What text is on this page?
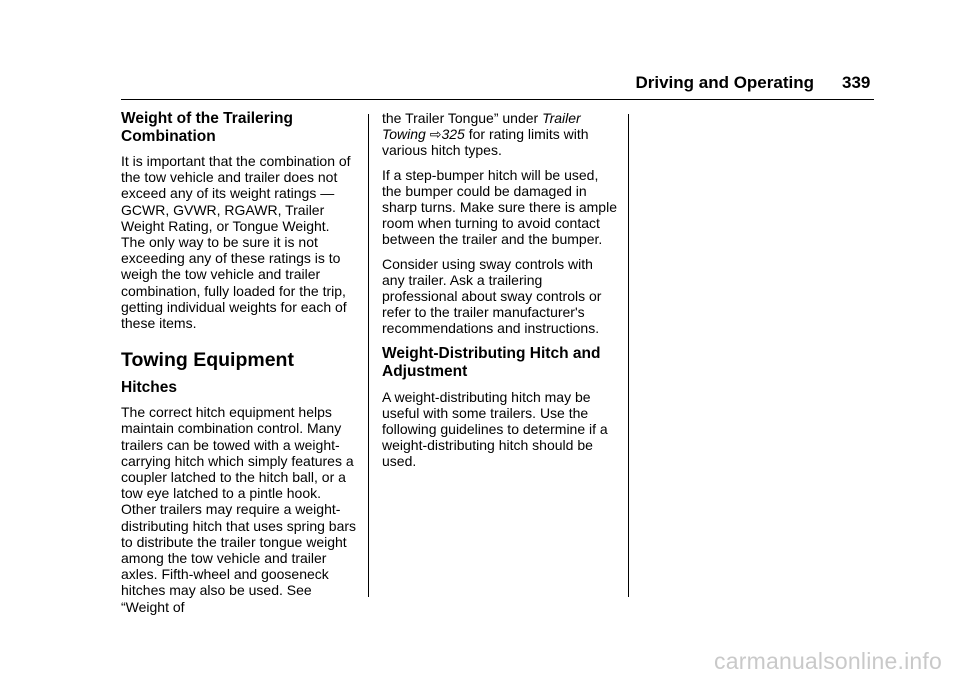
Driving and Operating 339
Weight of the Trailering Combination

It is important that the combination of the tow vehicle and trailer does not exceed any of its weight ratings — GCWR, GVWR, RGAWR, Trailer Weight Rating, or Tongue Weight. The only way to be sure it is not exceeding any of these ratings is to weigh the tow vehicle and trailer combination, fully loaded for the trip, getting individual weights for each of these items.

Towing Equipment
Hitches

The correct hitch equipment helps maintain combination control. Many trailers can be towed with a weight-carrying hitch which simply features a coupler latched to the hitch ball, or a tow eye latched to a pintle hook. Other trailers may require a weight-distributing hitch that uses spring bars to distribute the trailer tongue weight among the tow vehicle and trailer axles. Fifth-wheel and gooseneck hitches may also be used. See “Weight of

the Trailer Tongue” under Trailer Towing ⇨325 for rating limits with various hitch types.

If a step-bumper hitch will be used, the bumper could be damaged in sharp turns. Make sure there is ample room when turning to avoid contact between the trailer and the bumper.

Consider using sway controls with any trailer. Ask a trailering professional about sway controls or refer to the trailer manufacturer's recommendations and instructions.

Weight-Distributing Hitch and Adjustment

A weight-distributing hitch may be useful with some trailers. Use the following guidelines to determine if a weight-distributing hitch should be used.

carmanualsonline.info
